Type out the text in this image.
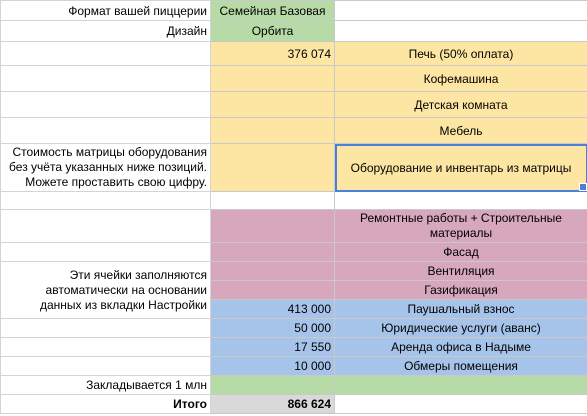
Формат вашей пиццерии	Семейная Базовая	
Дизайн	Орбита	
	376 074	Печь (50% оплата)
		Кофемашина
		Детская комната
		Мебель
Стоимость матрицы оборудования без учёта указанных ниже позиций. Можете проставить свою цифру.		Оборудование и инвентарь из матрицы

		Ремонтные работы + Строительные материалы
		Фасад
Эти ячейки заполняются автоматически на основании данных из вкладки Настройки		Вентиляция
		Газификация
	413 000	Паушальный взнос
	50 000	Юридические услуги (аванс)
	17 550	Аренда офиса в Надыме
	10 000	Обмеры помещения
Закладывается 1 млн		
Итого	866 624	
